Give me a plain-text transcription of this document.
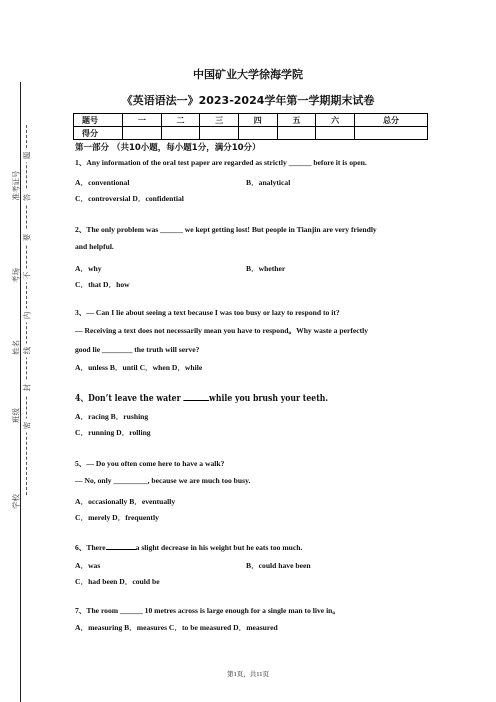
中国矿业大学徐海学院
《英语语法一》2023-2024学年第一学期期末试卷
题号	一	二	三	四	五	六	总分
得分							
第一部分 （共10小题，每小题1分，满分10分）
1、Any information of the oral test paper are regarded as strictly ______ before it is open.
A．conventional	B．analytical
C．controversial D．confidential
2、The only problem was ______ we kept getting lost! But people in Tianjin are very friendly
and helpful.
A．why	B．whether
C．that D．how
3、— Can I lie about seeing a text because I was too busy or lazy to respond to it?
— Receiving a text does not necessarily mean you have to respond。Why waste a perfectly
good lie ________ the truth will serve?
A．unless B．until C．when D．while
4、Don’t leave the water	while you brush your teeth.
A．racing B．rushing
C．running D．rolling
5、— Do you often come here to have a walk?
— No, only _________, because we are much too busy.
A．occasionally B．eventually
C．merely D．frequently
6、There	a slight decrease in his weight but he eats too much.
A．was	B．could have been
C．had been D．could be
7、The room ______ 10 metres across is large enough for a single man to live in。
A．measuring B．measures C．to be measured D．measured
准考证号
考场
姓名
班级
学校
题
答
要
不
内
线
封
密
第1页，共11页
